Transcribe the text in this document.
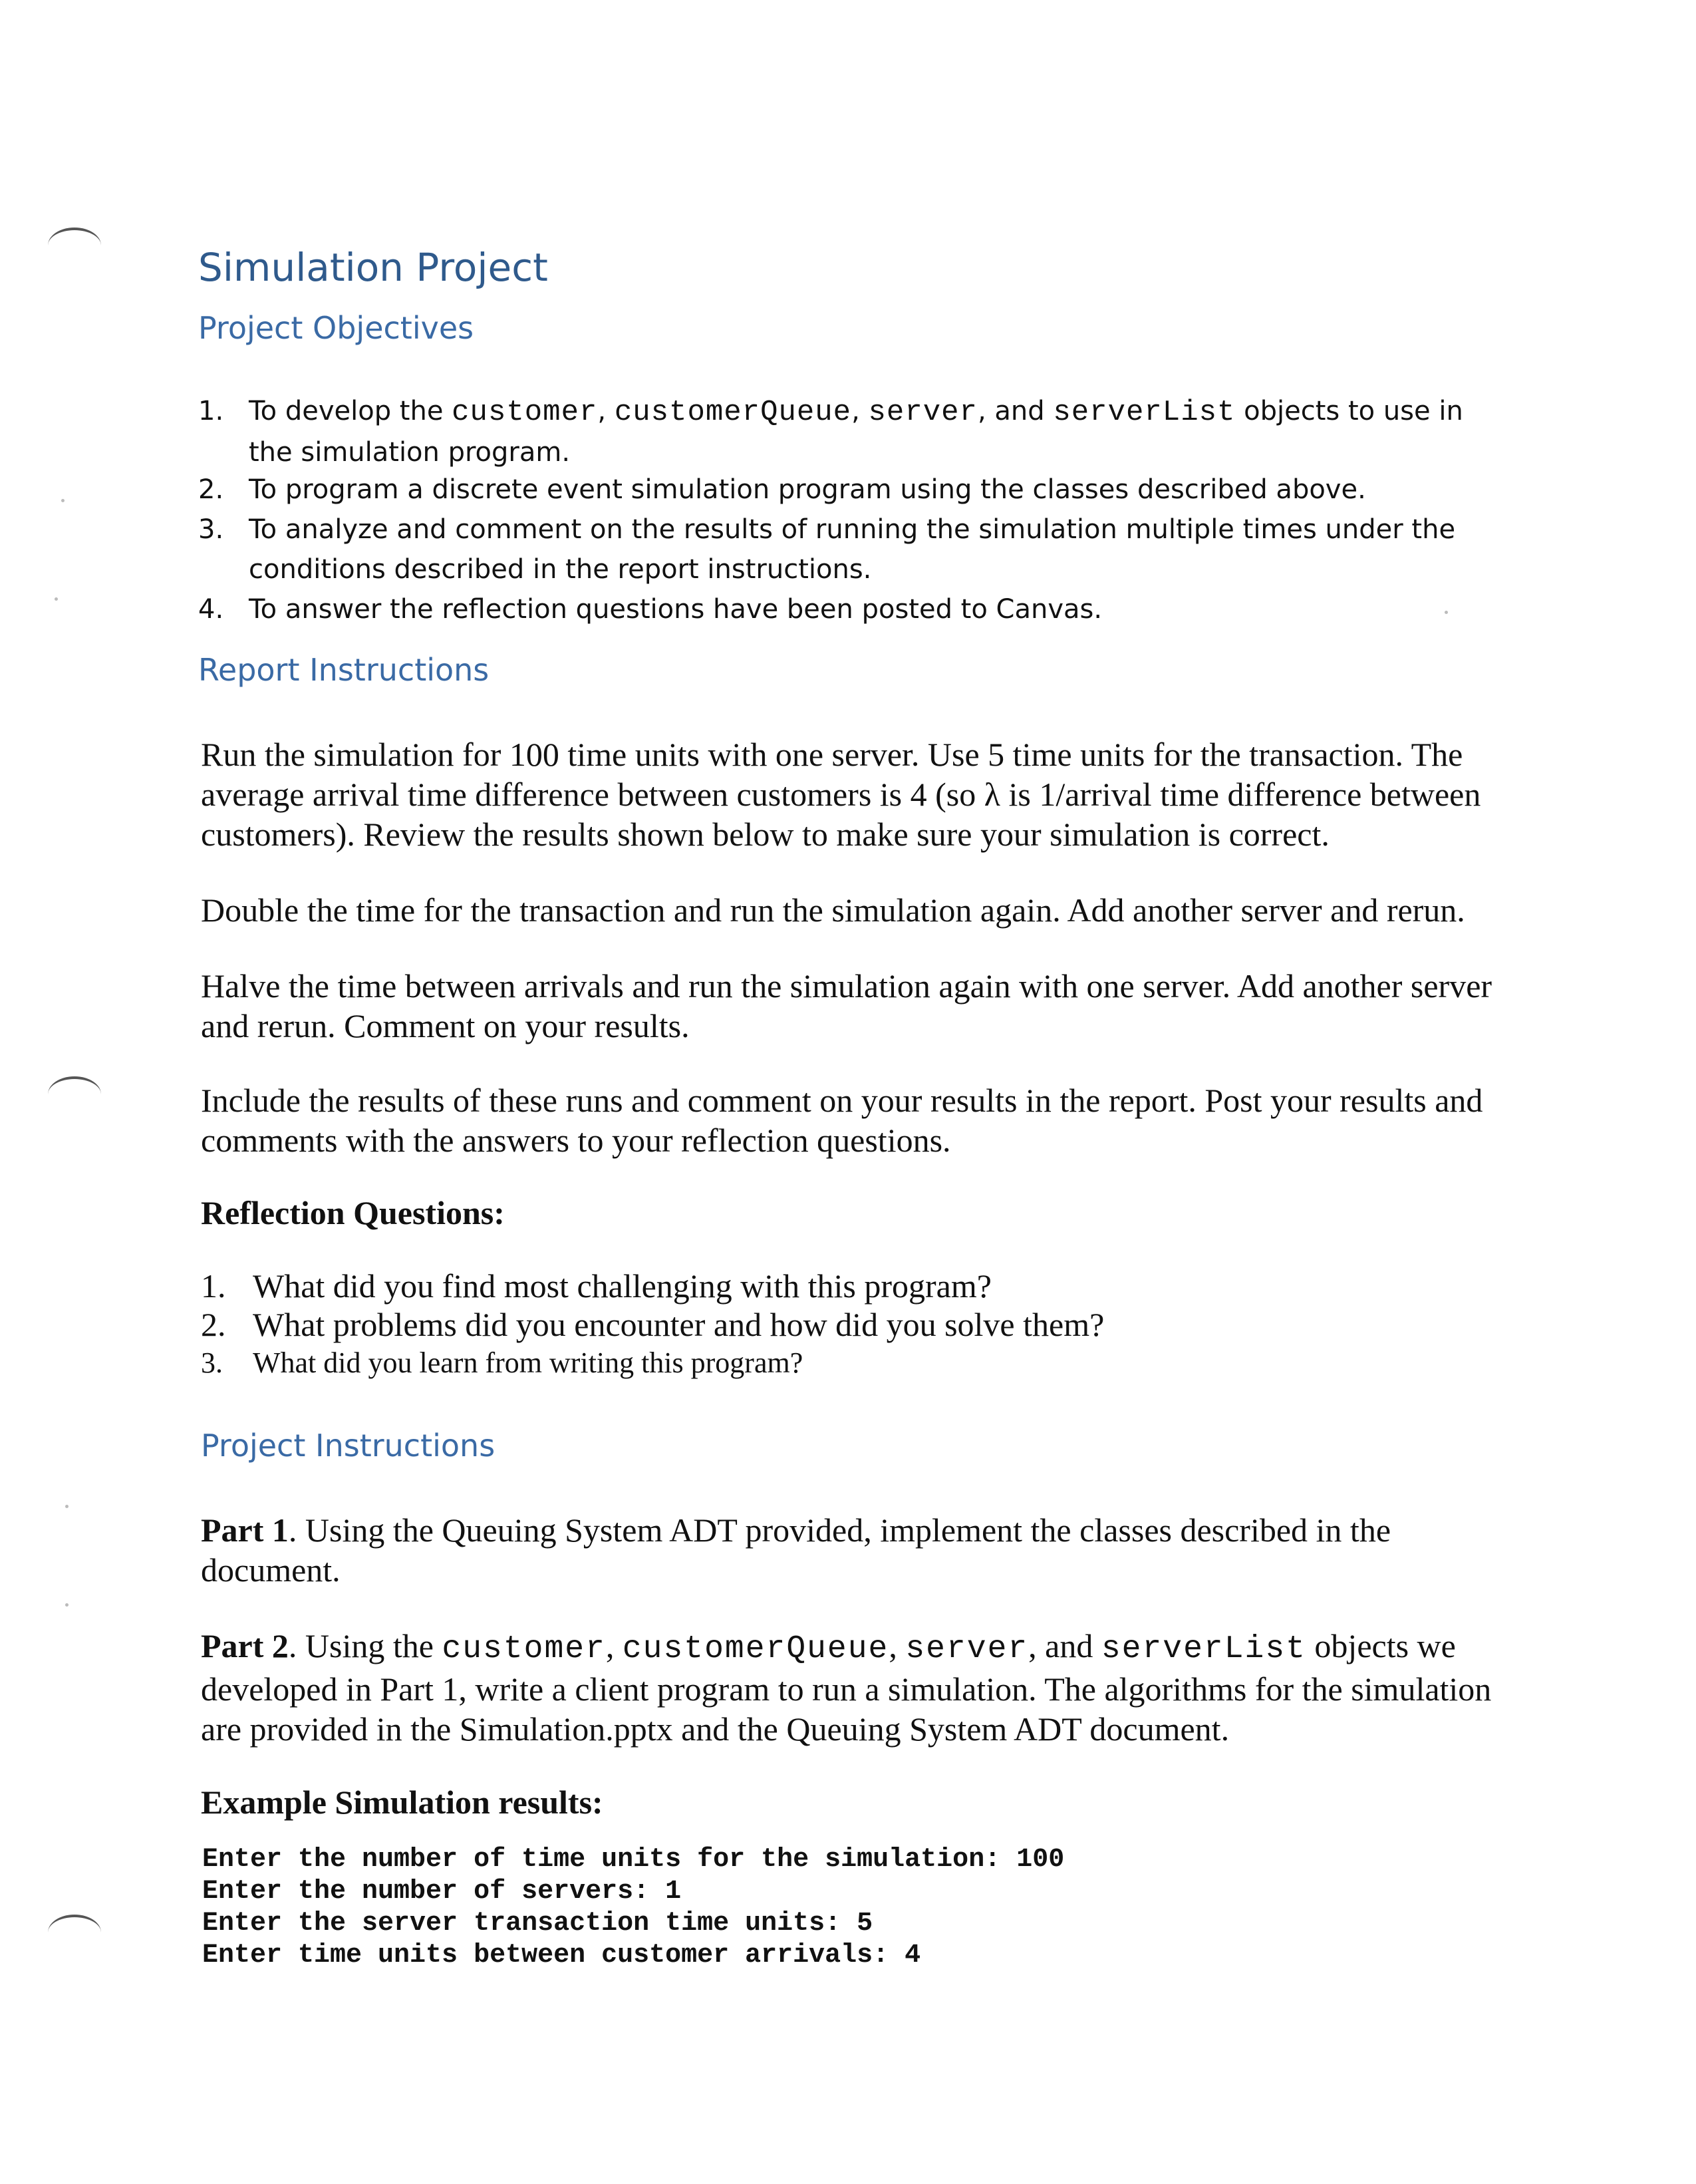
Simulation Project
Project Objectives
1. To develop the customer, customerQueue, server, and serverList objects to use in the simulation program.
2. To program a discrete event simulation program using the classes described above.
3. To analyze and comment on the results of running the simulation multiple times under the conditions described in the report instructions.
4. To answer the reflection questions have been posted to Canvas.
Report Instructions

Run the simulation for 100 time units with one server. Use 5 time units for the transaction. The average arrival time difference between customers is 4 (so λ is 1/arrival time difference between customers). Review the results shown below to make sure your simulation is correct.

Double the time for the transaction and run the simulation again. Add another server and rerun.

Halve the time between arrivals and run the simulation again with one server. Add another server and rerun. Comment on your results.

Include the results of these runs and comment on your results in the report. Post your results and comments with the answers to your reflection questions.

Reflection Questions:
1. What did you find most challenging with this program?
2. What problems did you encounter and how did you solve them?
3. What did you learn from writing this program?
Project Instructions

Part 1. Using the Queuing System ADT provided, implement the classes described in the document.

Part 2. Using the customer, customerQueue, server, and serverList objects we developed in Part 1, write a client program to run a simulation. The algorithms for the simulation are provided in the Simulation.pptx and the Queuing System ADT document.

Example Simulation results:
Enter the number of time units for the simulation: 100
Enter the number of servers: 1
Enter the server transaction time units: 5
Enter time units between customer arrivals: 4
